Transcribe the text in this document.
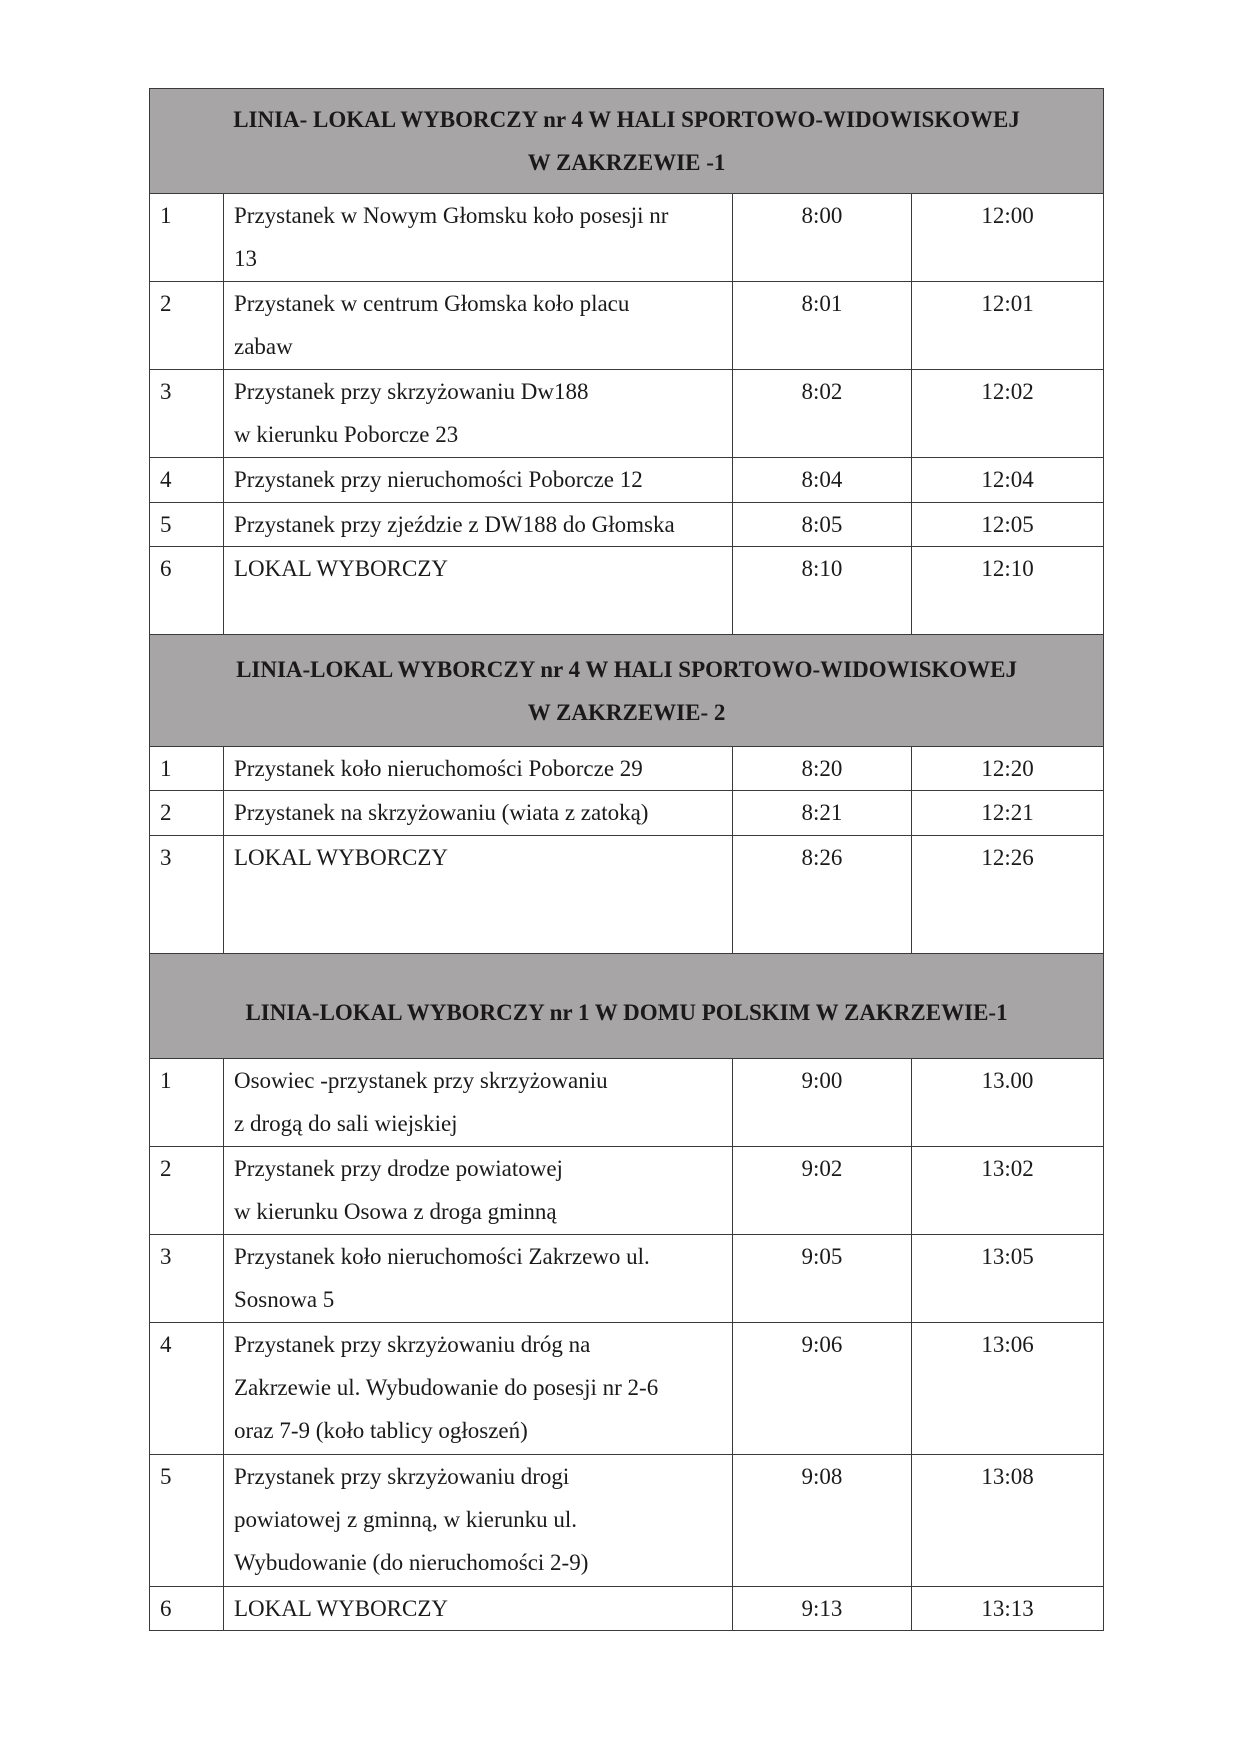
LINIA- LOKAL WYBORCZY nr 4 W HALI SPORTOWO-WIDOWISKOWEJ
W ZAKRZEWIE -1			

1	Przystanek w Nowym Głomsku koło posesji nr
13	8:00	12:00
2	Przystanek w centrum Głomska koło placu
zabaw	8:01	12:01
3	Przystanek przy skrzyżowaniu Dw188
w kierunku Poborcze 23	8:02	12:02
4	Przystanek przy nieruchomości Poborcze 12	8:04	12:04
5	Przystanek przy zjeździe z DW188 do Głomska	8:05	12:05
6	LOKAL WYBORCZY	8:10	12:10

LINIA-LOKAL WYBORCZY nr 4 W HALI SPORTOWO-WIDOWISKOWEJ
W ZAKRZEWIE- 2			

1	Przystanek koło nieruchomości Poborcze 29	8:20	12:20
2	Przystanek na skrzyżowaniu (wiata z zatoką)	8:21	12:21
3	LOKAL WYBORCZY	8:26	12:26

LINIA-LOKAL WYBORCZY nr 1 W DOMU POLSKIM W ZAKRZEWIE-1			

1	Osowiec -przystanek przy skrzyżowaniu
z drogą do sali wiejskiej	9:00	13.00
2	Przystanek przy drodze powiatowej
w kierunku Osowa z droga gminną	9:02	13:02
3	Przystanek koło nieruchomości Zakrzewo ul.
Sosnowa 5	9:05	13:05
4	Przystanek przy skrzyżowaniu dróg na
Zakrzewie ul. Wybudowanie do posesji nr 2-6
oraz 7-9 (koło tablicy ogłoszeń)	9:06	13:06
5	Przystanek przy skrzyżowaniu drogi
powiatowej z gminną, w kierunku ul.
Wybudowanie (do nieruchomości 2-9)	9:08	13:08
6	LOKAL WYBORCZY	9:13	13:13
